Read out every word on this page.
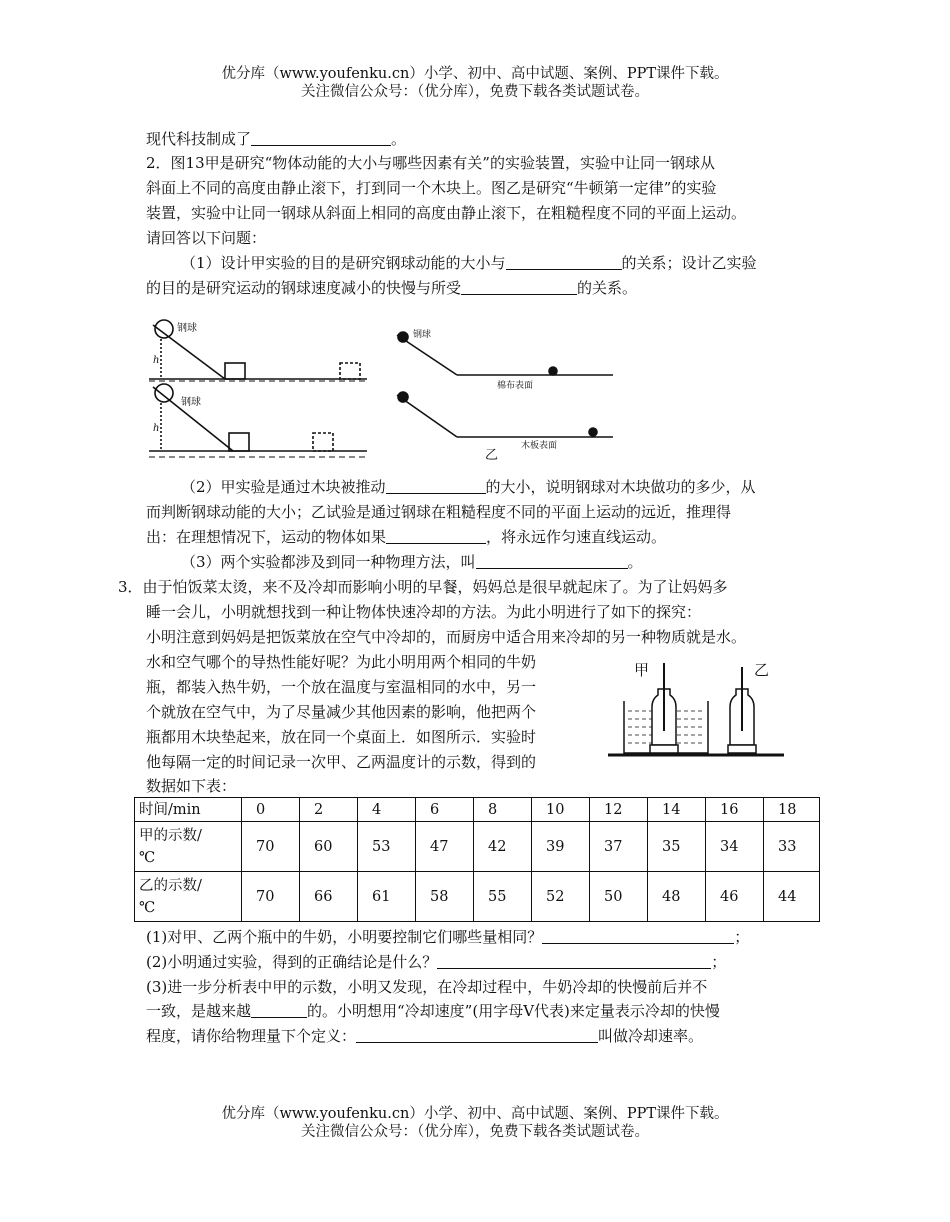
优分库（www.youfenku.cn）小学、初中、高中试题、案例、PPT课件下载。
关注微信公众号：（优分库），免费下载各类试题试卷。
现代科技制成了	。
2．图13甲是研究“物体动能的大小与哪些因素有关”的实验装置，实验中让同一钢球从
斜面上不同的高度由静止滚下，打到同一个木块上。图乙是研究“牛顿第一定律”的实验
装置，实验中让同一钢球从斜面上相同的高度由静止滚下，在粗糙程度不同的平面上运动。
请回答以下问题：
（1）设计甲实验的目的是研究钢球动能的大小与	的关系；设计乙实验
的目的是研究运动的钢球速度减小的快慢与所受	的关系。
钢球
h
钢球
h
钢球
棉布表面
木板表面
乙
（2）甲实验是通过木块被推动	的大小，说明钢球对木块做功的多少，从
而判断钢球动能的大小；乙试验是通过钢球在粗糙程度不同的平面上运动的远近，推理得
出：在理想情况下，运动的物体如果	，将永远作匀速直线运动。
（3）两个实验都涉及到同一种物理方法，叫	。
3．由于怕饭菜太烫，来不及冷却而影响小明的早餐，妈妈总是很早就起床了。为了让妈妈多
睡一会儿，小明就想找到一种让物体快速冷却的方法。为此小明进行了如下的探究：
小明注意到妈妈是把饭菜放在空气中冷却的，而厨房中适合用来冷却的另一种物质就是水。
水和空气哪个的导热性能好呢？为此小明用两个相同的牛奶
瓶，都装入热牛奶，一个放在温度与室温相同的水中，另一
个就放在空气中，为了尽量减少其他因素的影响，他把两个
瓶都用木块垫起来，放在同一个桌面上．如图所示．实验时
他每隔一定的时间记录一次甲、乙两温度计的示数，得到的
数据如下表：
甲	乙
时间/min	0	2	4	6	8	10	12	14	16	18
甲的示数/
℃	70	60	53	47	42	39	37	35	34	33
乙的示数/
℃	70	66	61	58	55	52	50	48	46	44
(1)对甲、乙两个瓶中的牛奶，小明要控制它们哪些量相同？	；
(2)小明通过实验，得到的正确结论是什么？	；
(3)进一步分析表中甲的示数，小明又发现，在冷却过程中，牛奶冷却的快慢前后并不
一致，是越来越	的。小明想用“冷却速度”(用字母V代表)来定量表示冷却的快慢
程度，请你给物理量下个定义：	叫做冷却速率。
优分库（www.youfenku.cn）小学、初中、高中试题、案例、PPT课件下载。
关注微信公众号：（优分库），免费下载各类试题试卷。
